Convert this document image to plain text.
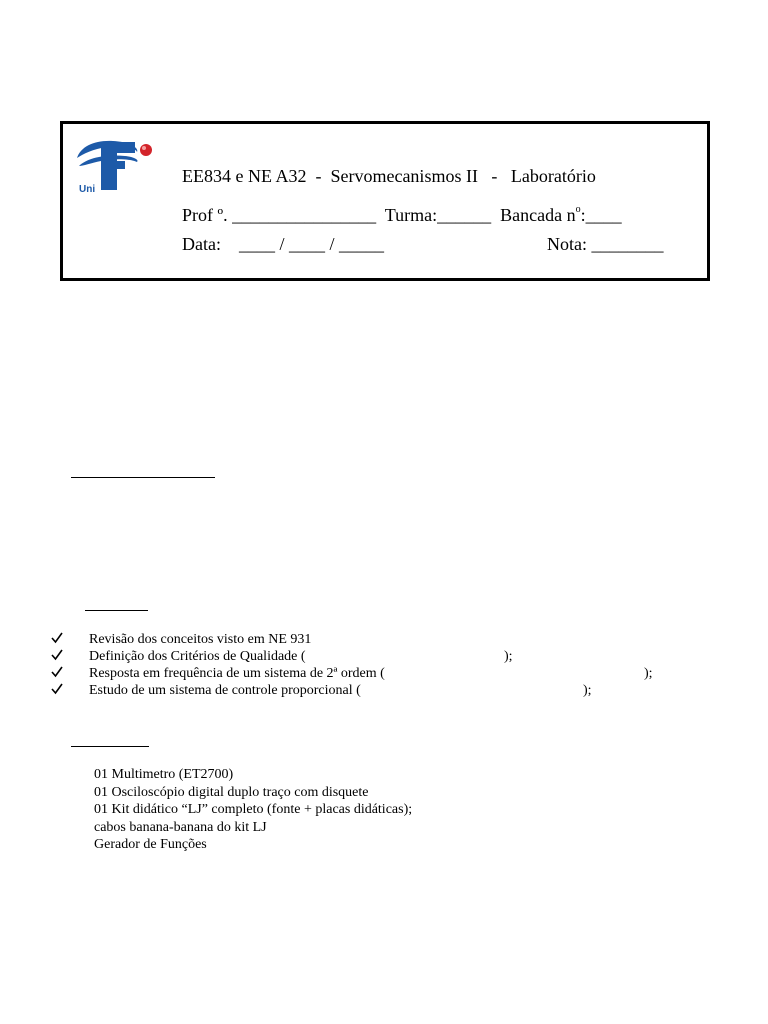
Uni
EE834 e NE A32  -  Servomecanismos II   -   Laboratório
Prof º. ________________ Turma:______ Bancada $n^o:\_\_\_\_$
Data:    ____ / ____ / _____	Nota: ________

Revisão dos conceitos visto em NE 931

Definição dos Critérios de Qualidade (

	);

Resposta em frequência de um sistema de 2ª ordem (

	);

Estudo de um sistema de controle proporcional (

	);

01 Multimetro (ET2700)
01 Osciloscópio digital duplo traço com disquete
01 Kit didático “LJ” completo (fonte + placas didáticas);
cabos banana-banana do kit LJ
Gerador de Funções
